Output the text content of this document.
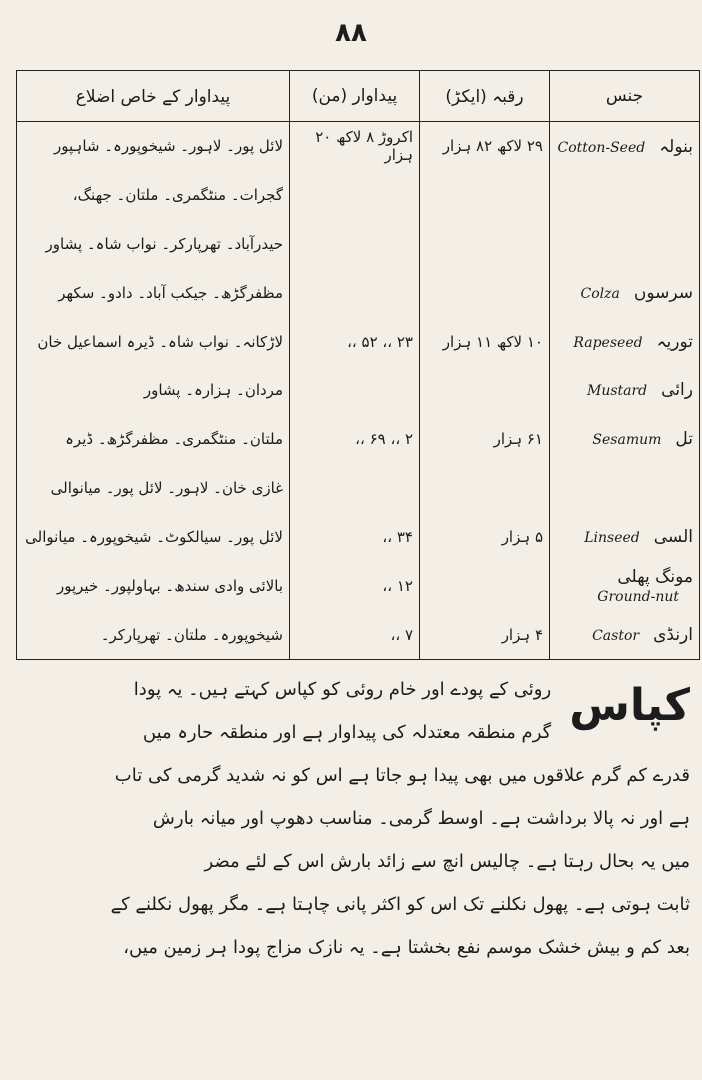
٨٨
جنس	رقبہ (ایکڑ)	پیداوار (من)	پیداوار کے خاص اضلاع
بنولہCotton-Seed	۲۹ لاکھ ۸۲ ہزار	اکروڑ ۸ لاکھ ۲۰ ہزار	لائل پور۔ لاہور۔ شیخوپورہ۔ شاہپور
			گجرات۔ منٹگمری۔ ملتان۔ جھنگ،
			حیدرآباد۔ تھرپارکر۔ نواب شاہ۔ پشاور
سرسوںColza			مظفرگڑھ۔ جیکب آباد۔ دادو۔ سکھر
توریہRapeseed	۱۰ لاکھ ۱۱ ہزار	۲۳ ،، ۵۲ ،،	لاڑکانہ۔ نواب شاہ۔ ڈیرہ اسماعیل خان
رائیMustard			مردان۔ ہزارہ۔ پشاور
تلSesamum	۶۱ ہزار	۲ ،، ۶۹ ،،	ملتان۔ منٹگمری۔ مظفرگڑھ۔ ڈیرہ
			غازی خان۔ لاہور۔ لائل پور۔ میانوالی
السیLinseed	۵ ہزار	۳۴ ،،	لائل پور۔ سیالکوٹ۔ شیخوپورہ۔ میانوالی
مونگ پھلیGround-nut		۱۲ ،،	بالائی وادی سندھ۔ بہاولپور۔ خیرپور
ارنڈیCastor	۴ ہزار	۷ ،،	شیخوپورہ۔ ملتان۔ تھرپارکر۔
کپاس

روئی کے پودے اور خام روئی کو کپاس کہتے ہیں۔ یہ پودا

گرم منطقہ معتدلہ کی پیداوار ہے اور منطقہ حارہ میں

قدرے کم گرم علاقوں میں بھی پیدا ہو جاتا ہے اس کو نہ شدید گرمی کی تاب

ہے اور نہ پالا برداشت ہے۔ اوسط گرمی۔ مناسب دھوپ اور میانہ بارش

میں یہ بحال رہتا ہے۔ چالیس انچ سے زائد بارش اس کے لئے مضر

ثابت ہوتی ہے۔ پھول نکلنے تک اس کو اکثر پانی چاہتا ہے۔ مگر پھول نکلنے کے

بعد کم و بیش خشک موسم نفع بخشتا ہے۔ یہ نازک مزاج پودا ہر زمین میں،
